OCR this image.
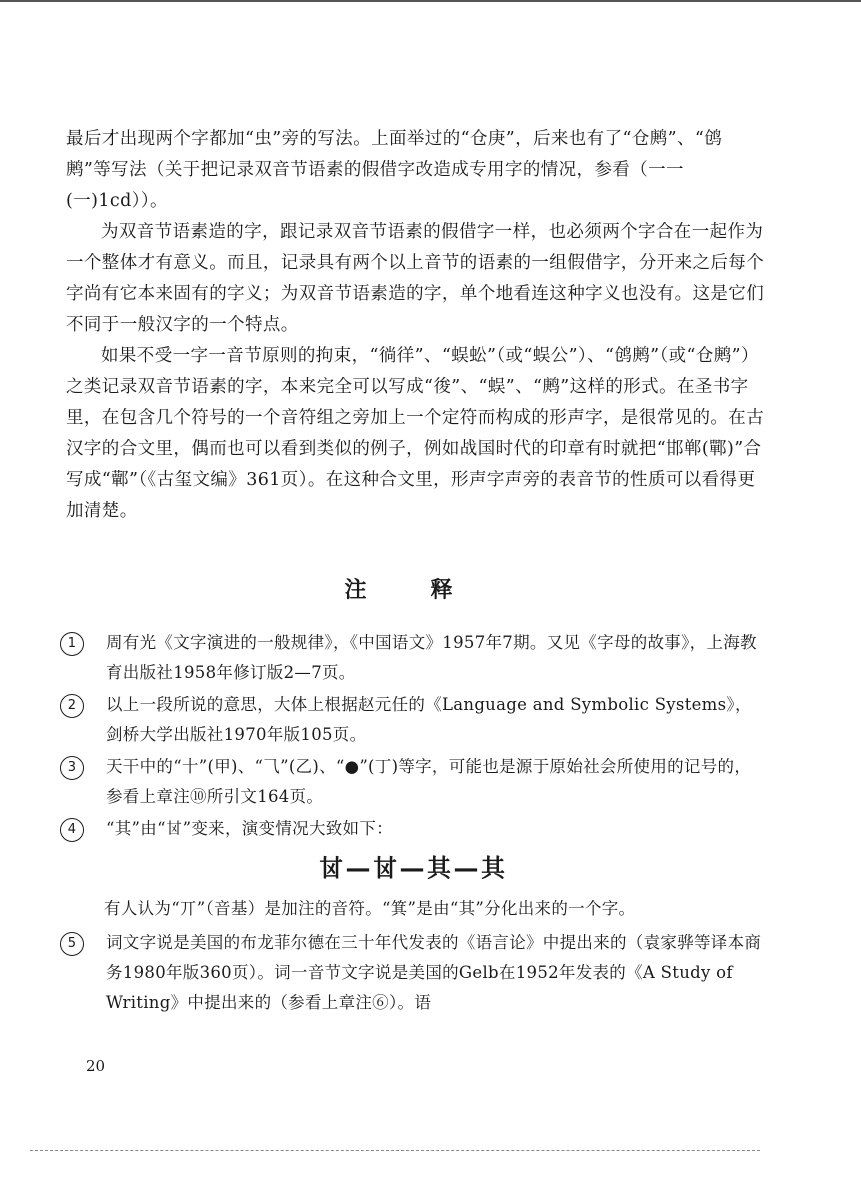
最后才出现两个字都加“虫”旁的写法。上面举过的“仓庚”，后来也有了“仓鹒”、“鸧鹒”等写法（关于把记录双音节语素的假借字改造成专用字的情况，参看（一一(一)1cd））。

为双音节语素造的字，跟记录双音节语素的假借字一样，也必须两个字合在一起作为一个整体才有意义。而且，记录具有两个以上音节的语素的一组假借字，分开来之后每个字尚有它本来固有的字义；为双音节语素造的字，单个地看连这种字义也没有。这是它们不同于一般汉字的一个特点。

如果不受一字一音节原则的拘束，“徜徉”、“蜈蚣”（或“蜈公”）、“鸧鹒”（或“仓鹒”）之类记录双音节语素的字，本来完全可以写成“𢓭”、“蜈”、“鹒”这样的形式。在圣书字里，在包含几个符号的一个音符组之旁加上一个定符而构成的形声字，是很常见的。在古汉字的合文里，偶而也可以看到类似的例子，例如战国时代的印章有时就把“邯郸(鄲)”合写成“鄿”（《古玺文编》361页）。在这种合文里，形声字声旁的表音节的性质可以看得更加清楚。

注释
1	周有光《文字演进的一般规律》，《中国语文》1957年7期。又见《字母的故事》，上海教育出版社1958年修订版2—7页。
2	以上一段所说的意思，大体上根据赵元任的《Language and Symbolic Systems》，剑桥大学出版社1970年版105页。
3	天干中的“十”(甲)、“⺄”(乙)、“●”(丁)等字，可能也是源于原始社会所使用的记号的，参看上章注⑩所引文164页。
4	“其”由“𠀠”变来，演变情况大致如下：
𠀠—𠀠—其—其
有人认为“丌”（音基）是加注的音符。“箕”是由“其”分化出来的一个字。
5	词文字说是美国的布龙菲尔德在三十年代发表的《语言论》中提出来的（袁家骅等译本商务1980年版360页）。词一音节文字说是美国的Gelb在1952年发表的《A Study of Writing》中提出来的（参看上章注⑥）。语
20
